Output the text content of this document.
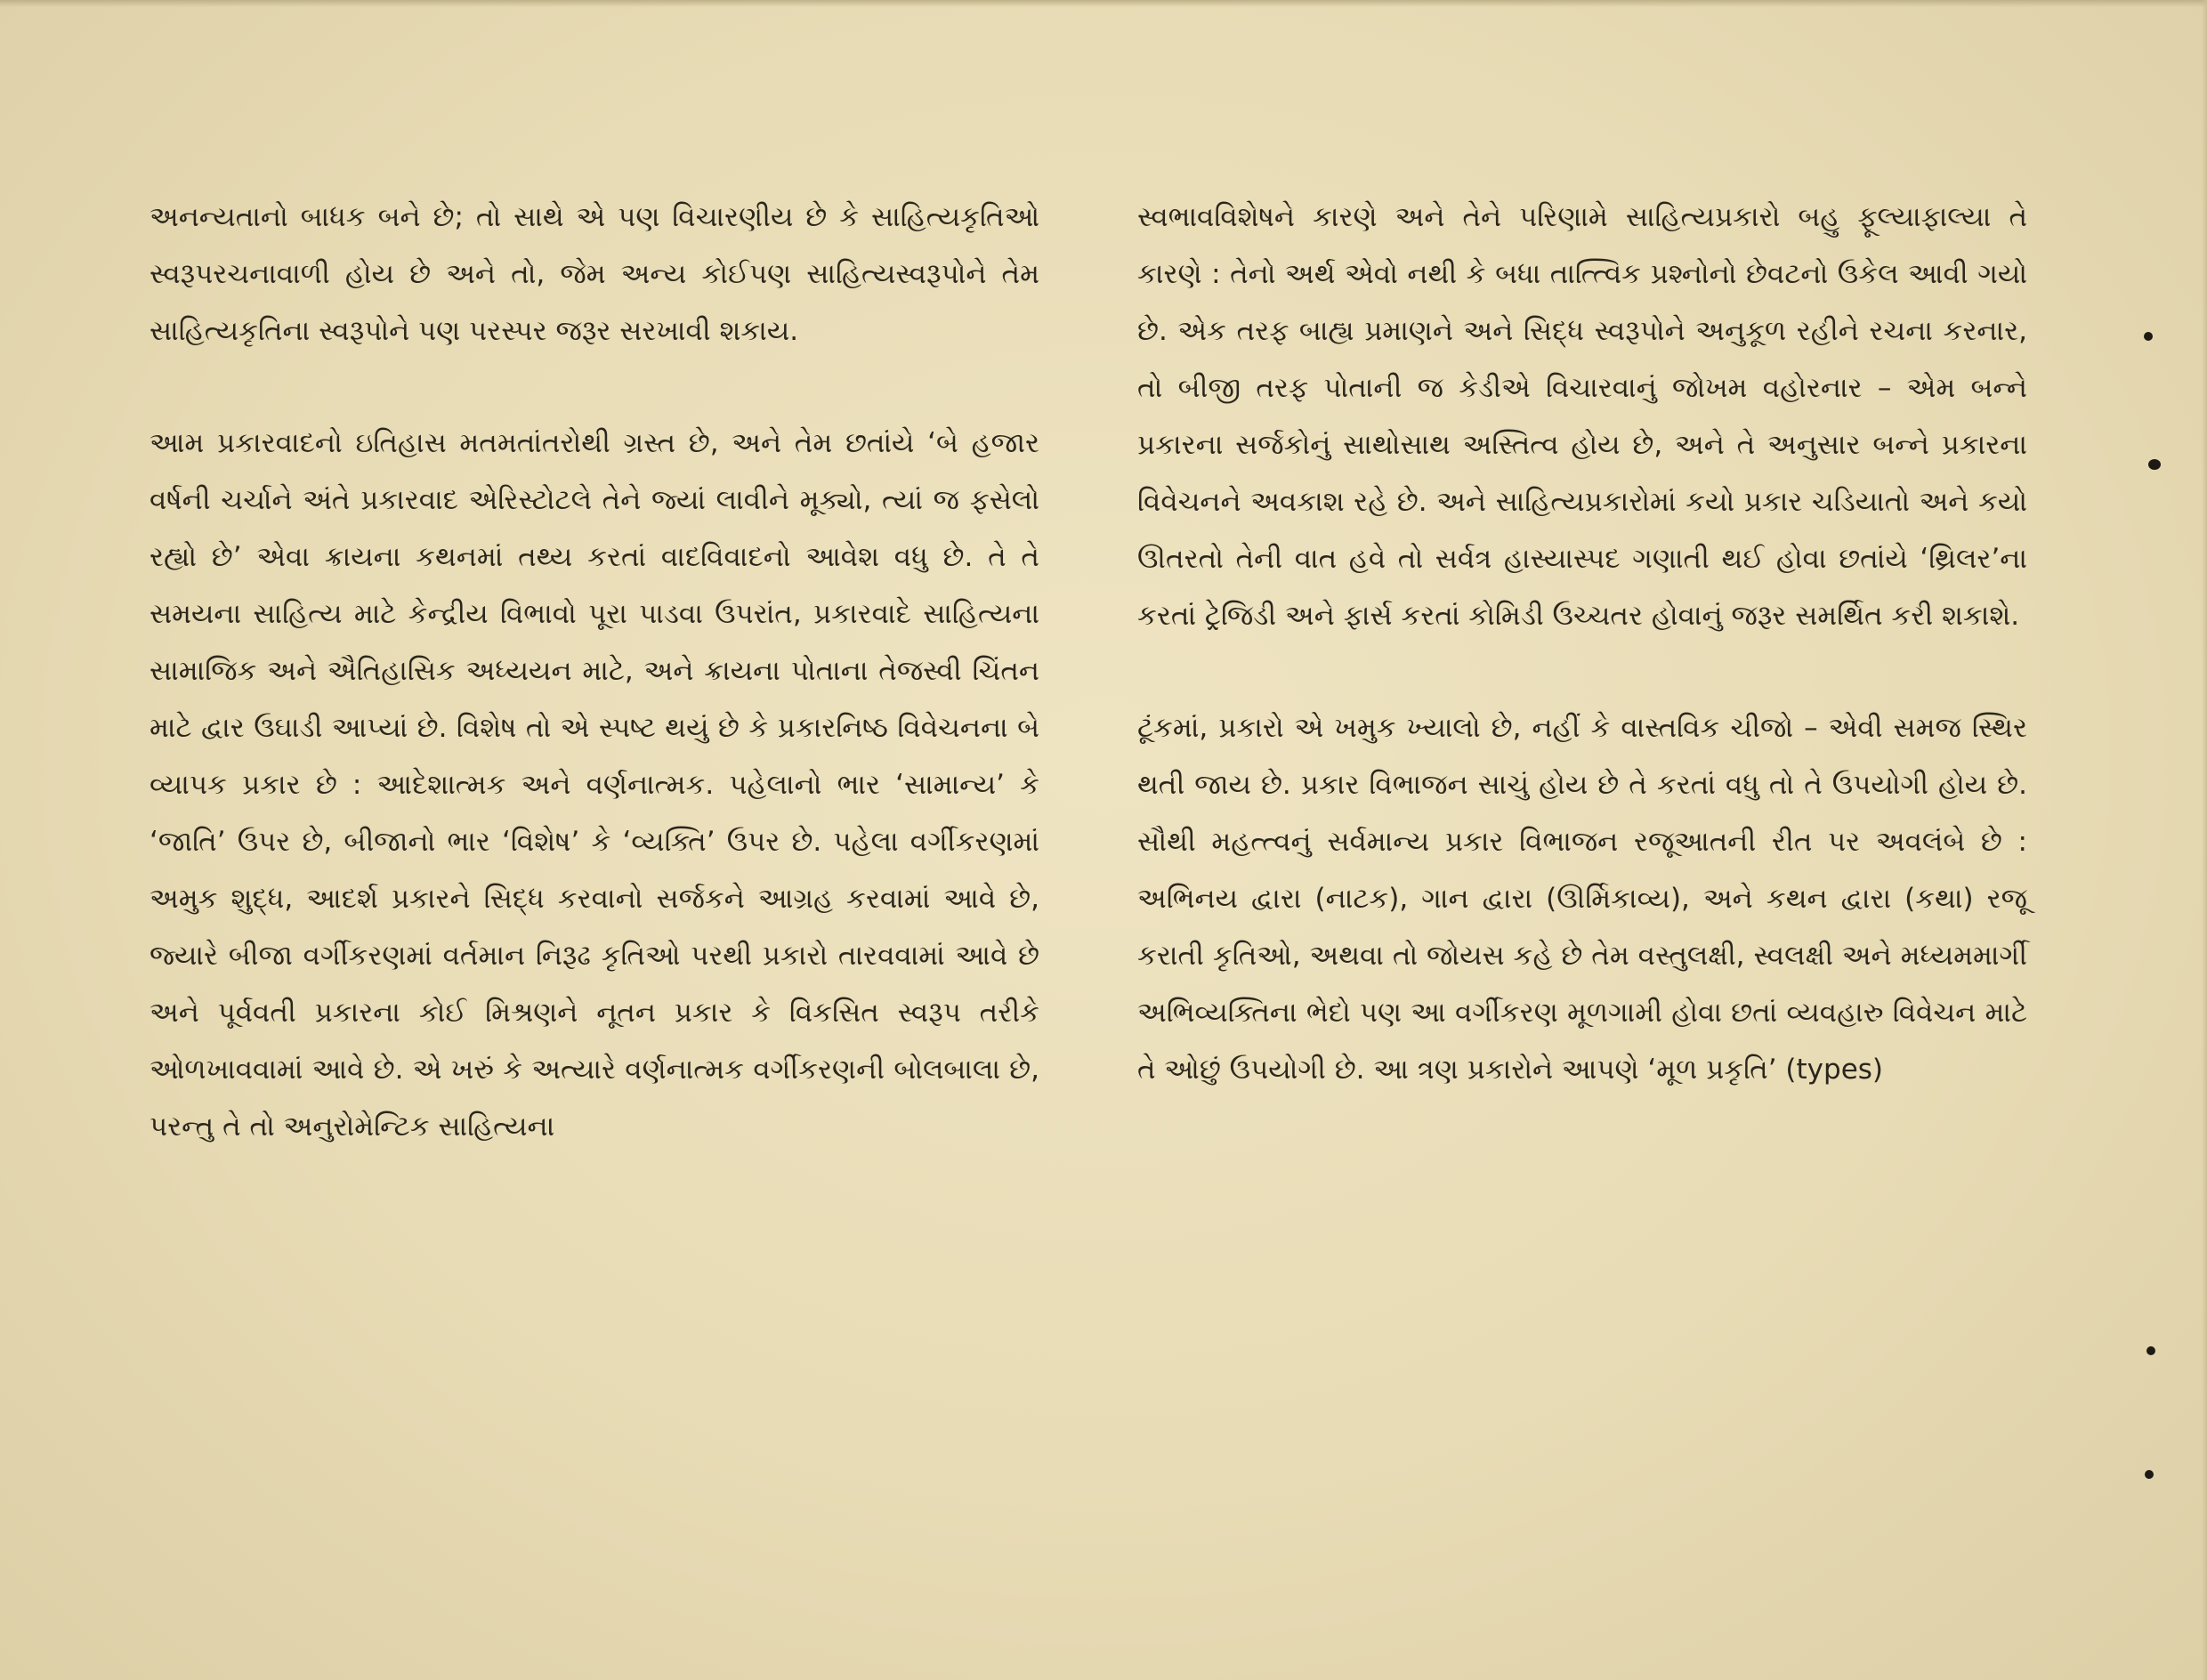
અનન્યતાનો બાધક બને છે; તો સાથે એ પણ વિચારણીય છે કે સાહિત્યકૃતિઓ સ્વરૂપરચનાવાળી હોય છે અને તો, જેમ અન્ય કોઈપણ સાહિત્યસ્વરૂપોને તેમ સાહિત્યકૃતિના સ્વરૂપોને પણ પરસ્પર જરૂર સરખાવી શકાય.

આમ પ્રકારવાદનો ઇતિહાસ મતમતાંતરોથી ગ્રસ્ત છે, અને તેમ છતાંયે ‘બે હજાર વર્ષની ચર્ચાને અંતે પ્રકારવાદ એરિસ્ટોટલે તેને જ્યાં લાવીને મૂક્યો, ત્યાં જ ફસેલો રહ્યો છે’ એવા ક્રાયના કથનમાં તથ્ય કરતાં વાદવિવાદનો આવેશ વધુ છે. તે તે સમયના સાહિત્ય માટે કેન્દ્રીય વિભાવો પૂરા પાડવા ઉપરાંત, પ્રકારવાદે સાહિત્યના સામાજિક અને ઐતિહાસિક અધ્યયન માટે, અને ક્રાયના પોતાના તેજસ્વી ચિંતન માટે દ્વાર ઉઘાડી આપ્યાં છે. વિશેષ તો એ સ્પષ્ટ થયું છે કે પ્રકારનિષ્ઠ વિવેચનના બે વ્યાપક પ્રકાર છે : આદેશાત્મક અને વર્ણનાત્મક. પહેલાનો ભાર ‘સામાન્ય’ કે ‘જાતિ’ ઉપર છે, બીજાનો ભાર ‘વિશેષ’ કે ‘વ્યક્તિ’ ઉપર છે. પહેલા વર્ગીકરણમાં અમુક શુદ્ધ, આદર્શ પ્રકારને સિદ્ધ કરવાનો સર્જકને આગ્રહ કરવામાં આવે છે, જ્યારે બીજા વર્ગીકરણમાં વર્તમાન નિરૂઢ કૃતિઓ પરથી પ્રકારો તારવવામાં આવે છે અને પૂર્વવતી પ્રકારના કોઈ મિશ્રણને નૂતન પ્રકાર કે વિકસિત સ્વરૂપ તરીકે ઓળખાવવામાં આવે છે. એ ખરું કે અત્યારે વર્ણનાત્મક વર્ગીકરણની બોલબાલા છે, પરન્તુ તે તો અનુરોમેન્ટિક સાહિત્યના

સ્વભાવવિશેષને કારણે અને તેને પરિણામે સાહિત્યપ્રકારો બહુ ફૂલ્યાફાલ્યા તે કારણે : તેનો અર્થ એવો નથી કે બધા તાત્ત્વિક પ્રશ્નોનો છેવટનો ઉકેલ આવી ગયો છે. એક તરફ બાહ્ય પ્રમાણને અને સિદ્ધ સ્વરૂપોને અનુકૂળ રહીને રચના કરનાર, તો બીજી તરફ પોતાની જ કેડીએ વિચારવાનું જોખમ વહોરનાર – એમ બન્ને પ્રકારના સર્જકોનું સાથોસાથ અસ્તિત્વ હોય છે, અને તે અનુસાર બન્ને પ્રકારના વિવેચનને અવકાશ રહે છે. અને સાહિત્યપ્રકારોમાં કયો પ્રકાર ચડિયાતો અને કયો ઊતરતો તેની વાત હવે તો સર્વત્ર હાસ્યાસ્પદ ગણાતી થઈ હોવા છતાંયે ‘થ્રિલર’ના કરતાં ટ્રેજિડી અને ફાર્સ કરતાં કોમિડી ઉચ્ચતર હોવાનું જરૂર સમર્થિત કરી શકાશે.

ટૂંકમાં, પ્રકારો એ ખમુક ખ્યાલો છે, નહીં કે વાસ્તવિક ચીજો – એવી સમજ સ્થિર થતી જાય છે. પ્રકાર વિભાજન સાચું હોય છે તે કરતાં વધુ તો તે ઉપયોગી હોય છે. સૌથી મહત્ત્વનું સર્વમાન્ય પ્રકાર વિભાજન રજૂઆતની રીત પર અવલંબે છે : અભિનય દ્વારા (નાટક), ગાન દ્વારા (ઊર્મિકાવ્ય), અને કથન દ્વારા (કથા) રજૂ કરાતી કૃતિઓ, અથવા તો જોયસ કહે છે તેમ વસ્તુલક્ષી, સ્વલક્ષી અને મધ્યમમાર્ગી અભિવ્યક્તિના ભેદો પણ આ વર્ગીકરણ મૂળગામી હોવા છતાં વ્યવહારુ વિવેચન માટે તે ઓછું ઉપયોગી છે. આ ત્રણ પ્રકારોને આપણે ‘મૂળ પ્રકૃતિ’ (types)
